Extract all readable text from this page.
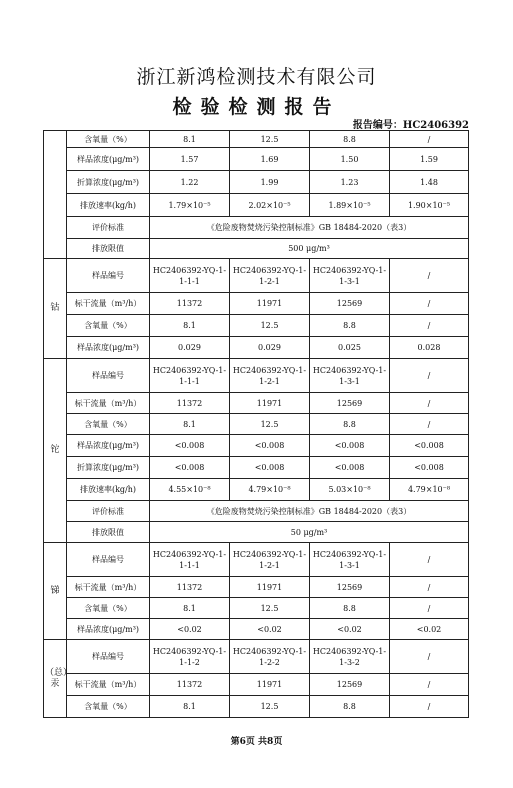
浙江新鸿检测技术有限公司
检验检测报告
报告编号：HC2406392
	含氧量（%）	8.1	12.5	8.8	/
	样品浓度(μg/m³)	1.57	1.69	1.50	1.59
	折算浓度(μg/m³)	1.22	1.99	1.23	1.48
	排放速率(kg/h)	1.79×10⁻⁵	2.02×10⁻⁵	1.89×10⁻⁵	1.90×10⁻⁵
	评价标准	《危险废物焚烧污染控制标准》GB 18484-2020（表3）			
	排放限值	500 μg/m³			
钴	样品编号	HC2406392-YQ-1-1-1-1	HC2406392-YQ-1-1-2-1	HC2406392-YQ-1-1-3-1	/
	标干流量（m³/h）	11372	11971	12569	/
	含氧量（%）	8.1	12.5	8.8	/
	样品浓度(μg/m³)	0.029	0.029	0.025	0.028
铊	样品编号	HC2406392-YQ-1-1-1-1	HC2406392-YQ-1-1-2-1	HC2406392-YQ-1-1-3-1	/
	标干流量（m³/h）	11372	11971	12569	/
	含氧量（%）	8.1	12.5	8.8	/
	样品浓度(μg/m³)	<0.008	<0.008	<0.008	<0.008
	折算浓度(μg/m³)	<0.008	<0.008	<0.008	<0.008
	排放速率(kg/h)	4.55×10⁻⁸	4.79×10⁻⁸	5.03×10⁻⁸	4.79×10⁻⁸
	评价标准	《危险废物焚烧污染控制标准》GB 18484-2020（表3）			
	排放限值	50 μg/m³			
锑	样品编号	HC2406392-YQ-1-1-1-1	HC2406392-YQ-1-1-2-1	HC2406392-YQ-1-1-3-1	/
	标干流量（m³/h）	11372	11971	12569	/
	含氧量（%）	8.1	12.5	8.8	/
	样品浓度(μg/m³)	<0.02	<0.02	<0.02	<0.02
（总）汞	样品编号	HC2406392-YQ-1-1-1-2	HC2406392-YQ-1-1-2-2	HC2406392-YQ-1-1-3-2	/
	标干流量（m³/h）	11372	11971	12569	/
	含氧量（%）	8.1	12.5	8.8	/
第6页 共8页
